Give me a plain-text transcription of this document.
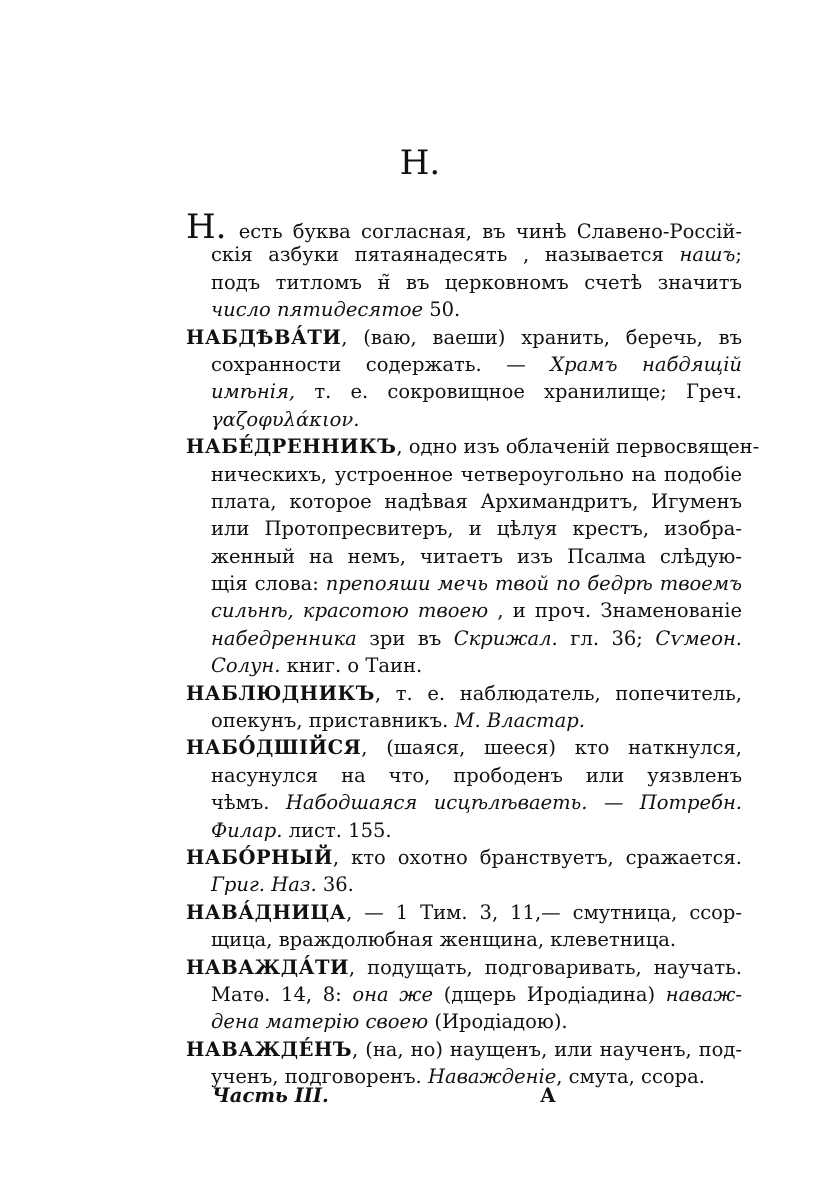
Н.
Н. есть буква согласная, въ чинѣ Славено-Россій-
скія азбуки пятаянадесять , называется нашъ;
подъ титломъ н̃ въ церковномъ счетѣ значитъ
число пятидесятое 50.
НАБДѢВА́ТИ, (ваю, ваеши) хранить, беречь, въ
сохранности содержать. — Храмъ набдящій
имѣнія, т. е. сокровищное хранилище; Греч.
γαζοφυλάκιον.
НАБЕ́ДРЕННИКЪ, одно изъ облаченій первосвящен-
ническихъ, устроенное четвероугольно на подобіе
плата, которое надѣвая Архимандритъ, Игуменъ
или Протопресвитеръ, и цѣлуя крестъ, изобра-
женный на немъ, читаетъ изъ Псалма слѣдую-
щія слова: препояши мечь твой по бедрѣ твоемъ
сильнѣ, красотою твоею , и проч. Знаменованіе
набедренника зри въ Скрижал. гл. 36; Сѵмеон.
Солун. книг. о Таин.
НАБЛЮДНИКЪ, т. е. наблюдатель, попечитель,
опекунъ, приставникъ. М. Властар.
НАБО́ДШІЙСЯ, (шаяся, шееся) кто наткнулся,
насунулся на что, прободенъ или уязвленъ
чѣмъ. Набодшаяся исцѣлѣваеть. — Потребн.
Филар. лист. 155.
НАБО́РНЫЙ, кто охотно бранствуетъ, сражается.
Григ. Наз. 36.
НАВА́ДНИЦА, — 1 Тим. 3, 11,— смутница, ссор-
щица, враждолюбная женщина, клеветница.
НАВАЖДА́ТИ, подущать, подговаривать, научать.
Матѳ. 14, 8: она же (дщерь Иродіадина) наваж-
дена матерію своею (Иродіадою).
НАВАЖДЕ́НЪ, (на, но) наущенъ, или наученъ, под-
ученъ, подговоренъ. Наважденіе, смута, ссора.
Часть III.	А
